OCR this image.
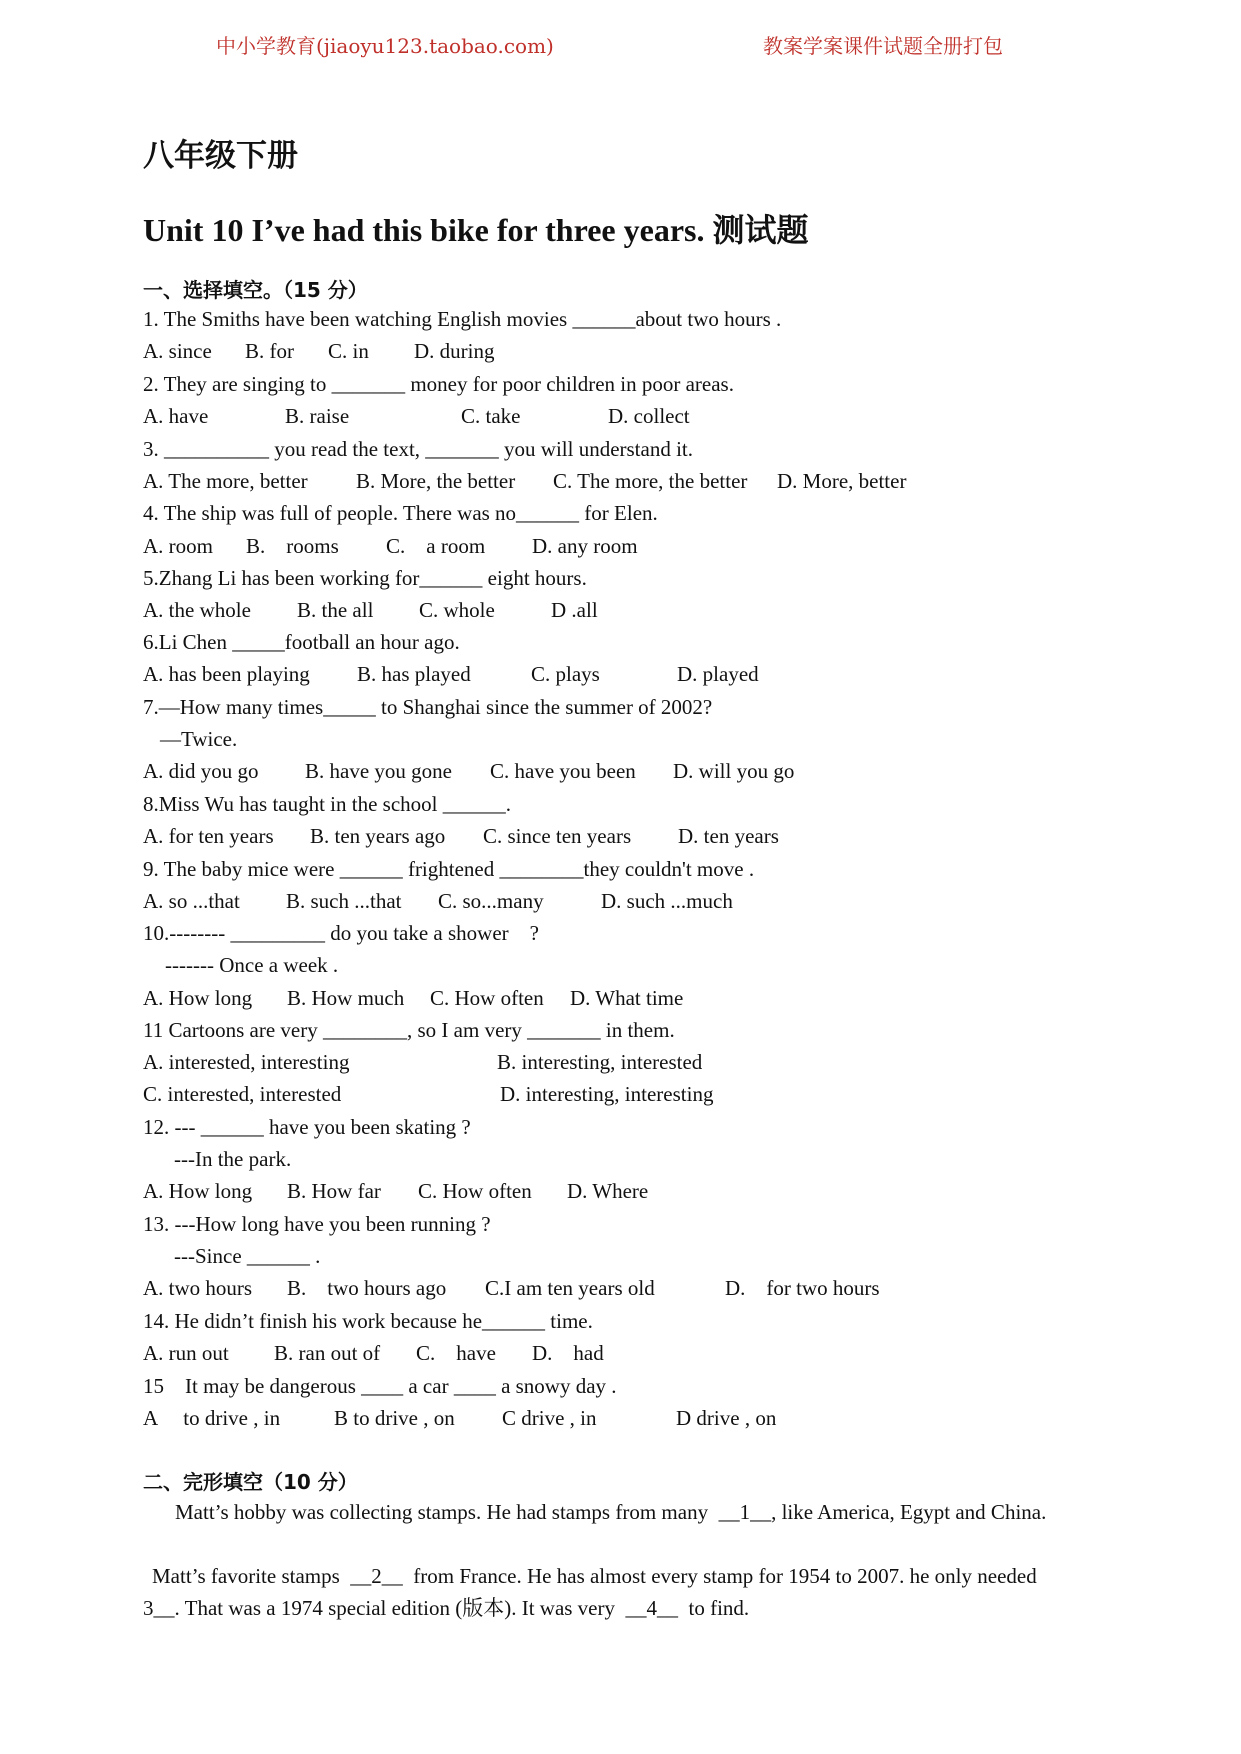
中小学教育(jiaoyu123.taobao.com)	教案学案课件试题全册打包
八年级下册
Unit 10 I’ve had this bike for three years. 测试题
一、选择填空。（15 分）
1. The Smiths have been watching English movies ______about two hours .
A. since B. for C. in D. during
2. They are singing to _______ money for poor children in poor areas.
A. have	B. raise	C. take	D. collect
3. __________ you read the text, _______ you will understand it.
A. The more, better B. More, the better C. The more, the better D. More, better
4. The ship was full of people. There was no______ for Elen.
A. room B.    rooms C.    a room D. any room
5.Zhang Li has been working for______ eight hours.
A. the whole B. the all C. whole	D .all
6.Li Chen _____football an hour ago.
A. has been playing B. has played	C. plays	D. played
7.—How many times_____ to Shanghai since the summer of 2002?
—Twice.
A. did you go B. have you gone C. have you been D. will you go
8.Miss Wu has taught in the school ______.
A. for ten years B. ten years ago C. since ten years D. ten years
9. The baby mice were ______ frightened ________they couldn't move .
A. so ...that B. such ...that C. so...many	D. such ...much
10.-------- _________ do you take a shower    ?
------- Once a week .
A. How long B. How much C. How often D. What time
11 Cartoons are very ________, so I am very _______ in them.
A. interested, interesting	B. interesting, interested
C. interested, interested	D. interesting, interesting
12. --- ______ have you been skating ?
---In the park.
A. How long B. How far C. How often D. Where
13. ---How long have you been running ?
---Since ______ .
A. two hours B.    two hours ago C.I am ten years old	D.    for two hours
14. He didn’t finish his work because he______ time.
A. run out B. ran out of C.    have D.    had
15    It may be dangerous ____ a car ____ a snowy day .
A     to drive , in	B to drive , on C drive , in	D drive , on
二、完形填空（10 分）
Matt’s hobby was collecting stamps. He had stamps from many  __1__, like America, Egypt and China.
Matt’s favorite stamps  __2__  from France. He has almost every stamp for 1954 to 2007. he only needed
3__. That was a 1974 special edition (版本). It was very  __4__  to find.
